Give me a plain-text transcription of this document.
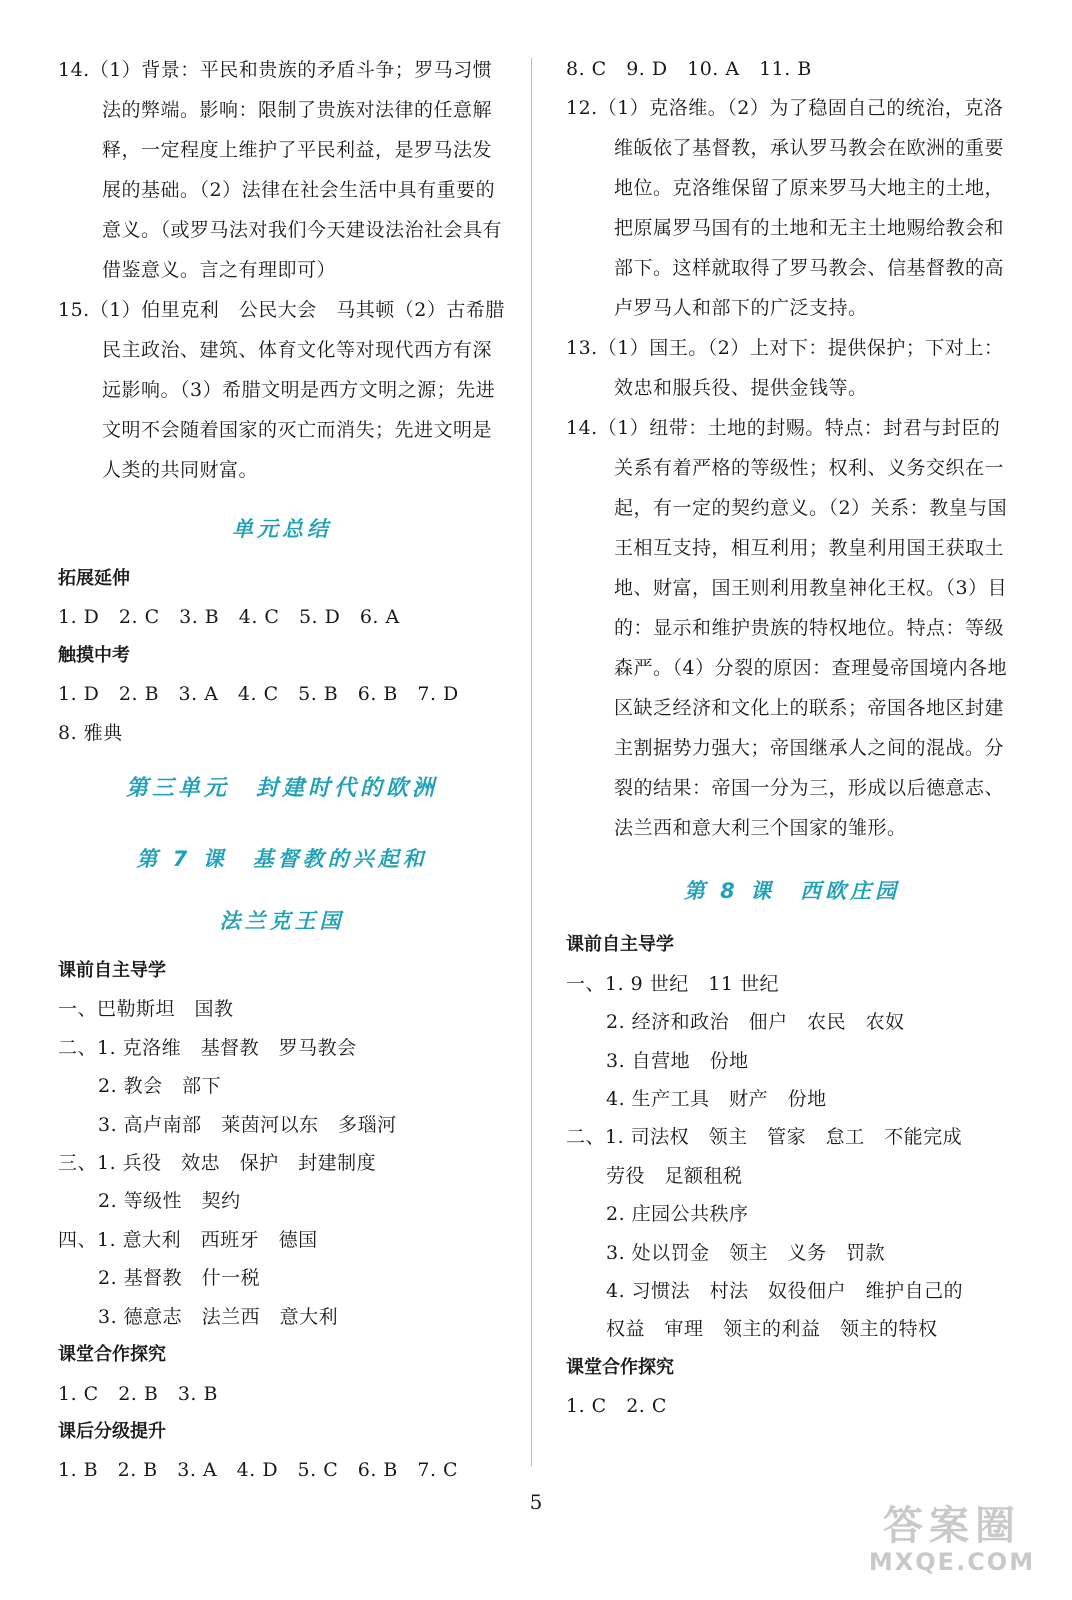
14.（1）背景：平民和贵族的矛盾斗争；罗马习惯法的弊端。影响：限制了贵族对法律的任意解释，一定程度上维护了平民利益，是罗马法发展的基础。（2）法律在社会生活中具有重要的意义。（或罗马法对我们今天建设法治社会具有借鉴意义。言之有理即可）
15.（1）伯里克利　公民大会　马其顿（2）古希腊民主政治、建筑、体育文化等对现代西方有深远影响。（3）希腊文明是西方文明之源；先进文明不会随着国家的灭亡而消失；先进文明是人类的共同财富。
单元总结
拓展延伸
1. D　2. C　3. B　4. C　5. D　6. A
触摸中考
1. D　2. B　3. A　4. C　5. B　6. B　7. D
8. 雅典
第三单元　封建时代的欧洲
第 7 课　基督教的兴起和
法兰克王国
课前自主导学
一、巴勒斯坦　国教
二、1. 克洛维　基督教　罗马教会
2. 教会　部下
3. 高卢南部　莱茵河以东　多瑙河
三、1. 兵役　效忠　保护　封建制度
2. 等级性　契约
四、1. 意大利　西班牙　德国
2. 基督教　什一税
3. 德意志　法兰西　意大利
课堂合作探究
1. C　2. B　3. B
课后分级提升
1. B　2. B　3. A　4. D　5. C　6. B　7. C
8. C　9. D　10. A　11. B
12.（1）克洛维。（2）为了稳固自己的统治，克洛维皈依了基督教，承认罗马教会在欧洲的重要地位。克洛维保留了原来罗马大地主的土地，把原属罗马国有的土地和无主土地赐给教会和部下。这样就取得了罗马教会、信基督教的高卢罗马人和部下的广泛支持。
13.（1）国王。（2）上对下：提供保护；下对上：效忠和服兵役、提供金钱等。
14.（1）纽带：土地的封赐。特点：封君与封臣的关系有着严格的等级性；权利、义务交织在一起，有一定的契约意义。（2）关系：教皇与国王相互支持，相互利用；教皇利用国王获取土地、财富，国王则利用教皇神化王权。（3）目的：显示和维护贵族的特权地位。特点：等级森严。（4）分裂的原因：查理曼帝国境内各地区缺乏经济和文化上的联系；帝国各地区封建主割据势力强大；帝国继承人之间的混战。分裂的结果：帝国一分为三，形成以后德意志、法兰西和意大利三个国家的雏形。
第 8 课　西欧庄园
课前自主导学
一、1. 9 世纪　11 世纪
2. 经济和政治　佃户　农民　农奴
3. 自营地　份地
4. 生产工具　财产　份地
二、1. 司法权　领主　管家　怠工　不能完成
劳役　足额租税
2. 庄园公共秩序
3. 处以罚金　领主　义务　罚款
4. 习惯法　村法　奴役佃户　维护自己的
权益　审理　领主的利益　领主的特权
课堂合作探究
1. C　2. C
5
答案圈
MXQE.COM
